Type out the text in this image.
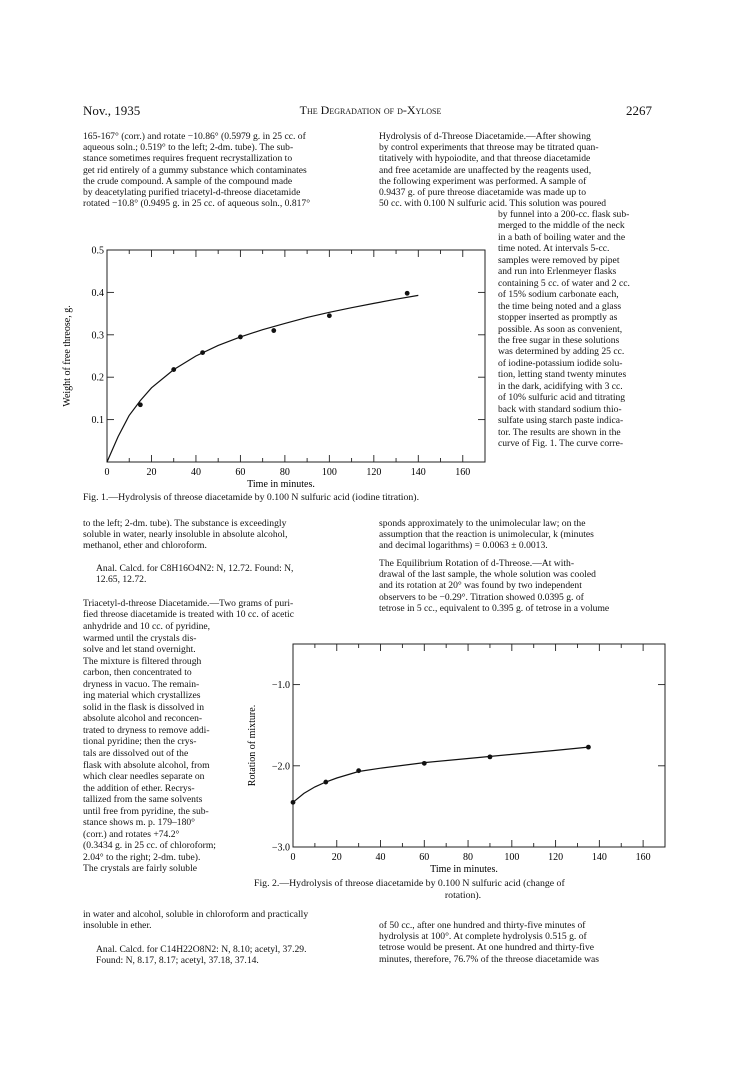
Nov., 1935	The Degradation of d-Xylose	2267
165-167° (corr.) and rotate −10.86° (0.5979 g. in 25 cc. of
aqueous soln.; 0.519° to the left; 2-dm. tube). The sub-
stance sometimes requires frequent recrystallization to
get rid entirely of a gummy substance which contaminates
the crude compound. A sample of the compound made
by deacetylating purified triacetyl-d-threose diacetamide
rotated −10.8° (0.9495 g. in 25 cc. of aqueous soln., 0.817°
Hydrolysis of d-Threose Diacetamide.—After showing
by control experiments that threose may be titrated quan-
titatively with hypoiodite, and that threose diacetamide
and free acetamide are unaffected by the reagents used,
the following experiment was performed. A sample of
0.9437 g. of pure threose diacetamide was made up to
50 cc. with 0.100 N sulfuric acid. This solution was poured
by funnel into a 200-cc. flask sub-
merged to the middle of the neck
in a bath of boiling water and the
time noted. At intervals 5-cc.
samples were removed by pipet
and run into Erlenmeyer flasks
containing 5 cc. of water and 2 cc.
of 15% sodium carbonate each,
the time being noted and a glass
stopper inserted as promptly as
possible. As soon as convenient,
the free sugar in these solutions
was determined by adding 25 cc.
of iodine-potassium iodide solu-
tion, letting stand twenty minutes
in the dark, acidifying with 3 cc.
of 10% sulfuric acid and titrating
back with standard sodium thio-
sulfate using starch paste indica-
tor. The results are shown in the
curve of Fig. 1. The curve corre-
0	20	40	60	80	100	120	140	160
0.1
0.2
0.3
0.4
0.5
Time in minutes.
Weight of free threose, g.
Fig. 1.—Hydrolysis of threose diacetamide by 0.100 N sulfuric acid (iodine titration).
to the left; 2-dm. tube). The substance is exceedingly
soluble in water, nearly insoluble in absolute alcohol,
methanol, ether and chloroform.
Anal. Calcd. for C8H16O4N2: N, 12.72. Found: N,
12.65, 12.72.
Triacetyl-d-threose Diacetamide.—Two grams of puri-
fied threose diacetamide is treated with 10 cc. of acetic
sponds approximately to the unimolecular law; on the
assumption that the reaction is unimolecular, k (minutes
and decimal logarithms) = 0.0063 ± 0.0013.
The Equilibrium Rotation of d-Threose.—At with-
drawal of the last sample, the whole solution was cooled
and its rotation at 20° was found by two independent
observers to be −0.29°. Titration showed 0.0395 g. of
tetrose in 5 cc., equivalent to 0.395 g. of tetrose in a volume
anhydride and 10 cc. of pyridine,
warmed until the crystals dis-
solve and let stand overnight.
The mixture is filtered through
carbon, then concentrated to
dryness in vacuo. The remain-
ing material which crystallizes
solid in the flask is dissolved in
absolute alcohol and reconcen-
trated to dryness to remove addi-
tional pyridine; then the crys-
tals are dissolved out of the
flask with absolute alcohol, from
which clear needles separate on
the addition of ether. Recrys-
tallized from the same solvents
until free from pyridine, the sub-
stance shows m. p. 179–180°
(corr.) and rotates +74.2°
(0.3434 g. in 25 cc. of chloroform;
2.04° to the right; 2-dm. tube).
The crystals are fairly soluble
0	20	40	60	80	100	120	140	160
−3.0
−2.0
−1.0
Time in minutes.
Rotation of mixture.
Fig. 2.—Hydrolysis of threose diacetamide by 0.100 N sulfuric acid (change of
rotation).
in water and alcohol, soluble in chloroform and practically
insoluble in ether.
Anal. Calcd. for C14H22O8N2: N, 8.10; acetyl, 37.29.
Found: N, 8.17, 8.17; acetyl, 37.18, 37.14.
of 50 cc., after one hundred and thirty-five minutes of
hydrolysis at 100°. At complete hydrolysis 0.515 g. of
tetrose would be present. At one hundred and thirty-five
minutes, therefore, 76.7% of the threose diacetamide was
